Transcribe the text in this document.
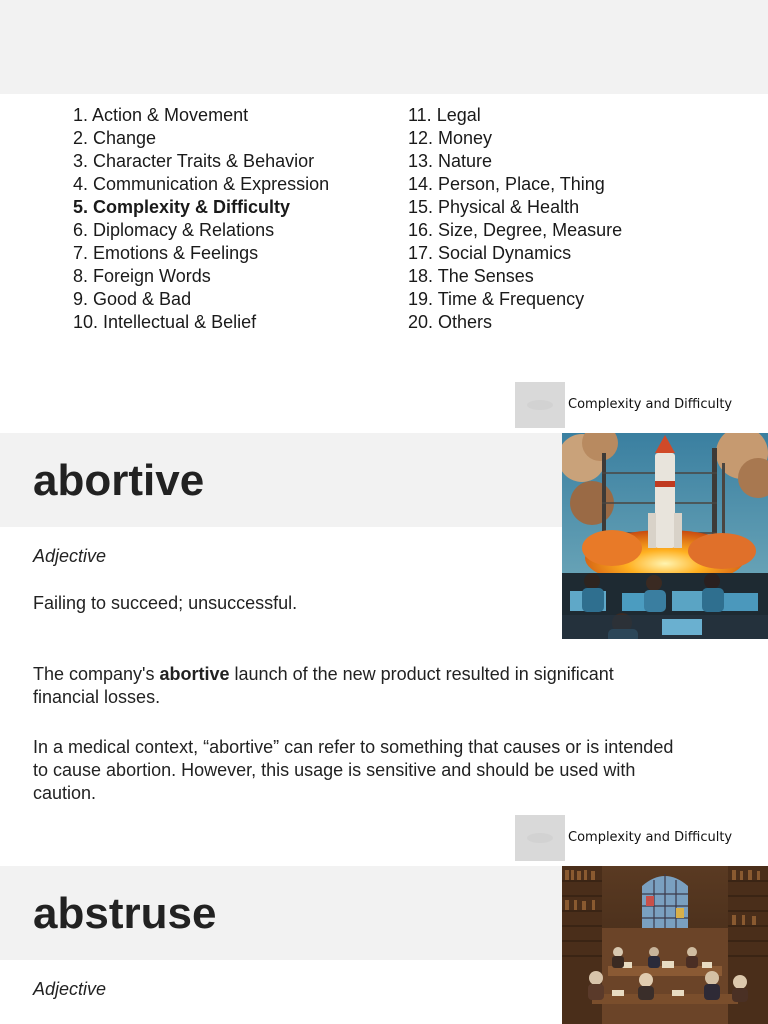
1. Action & Movement
2. Change
3. Character Traits & Behavior
4. Communication & Expression
5. Complexity & Difficulty
6. Diplomacy & Relations
7. Emotions & Feelings
8. Foreign Words
9. Good & Bad
10. Intellectual & Belief
11. Legal
12. Money
13. Nature
14. Person, Place, Thing
15. Physical & Health
16. Size, Degree, Measure
17. Social Dynamics
18. The Senses
19. Time & Frequency
20. Others
Complexity and Difficulty
abortive
Adjective

Failing to succeed; unsuccessful.

The company's abortive launch of the new product resulted in significant financial losses.

In a medical context, “abortive” can refer to something that causes or is intended to cause abortion. However, this usage is sensitive and should be used with caution.

Complexity and Difficulty
abstruse
Adjective
